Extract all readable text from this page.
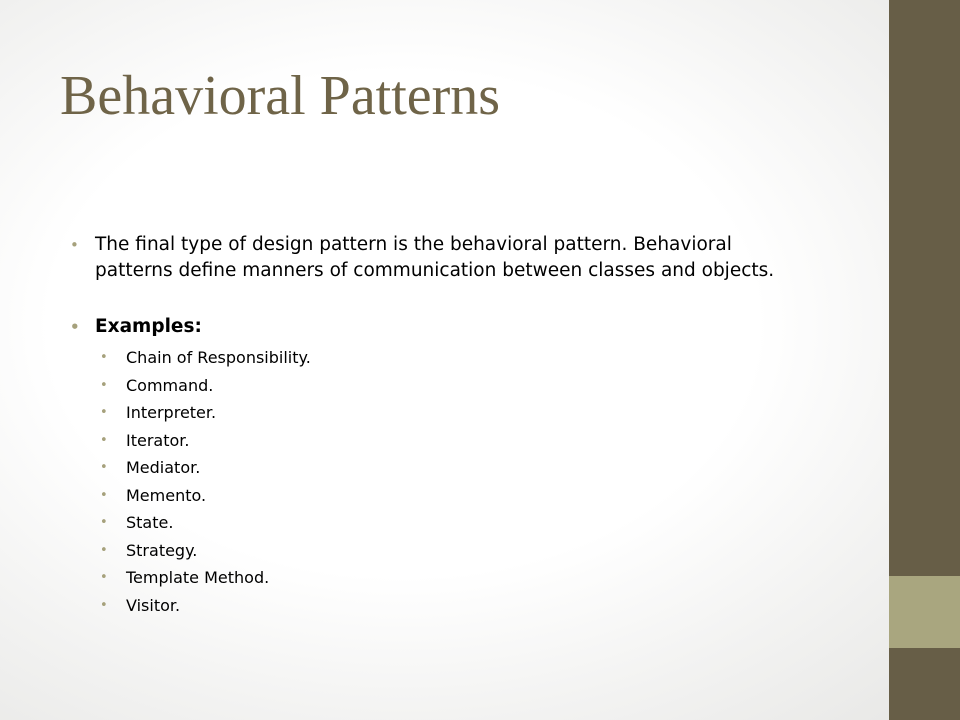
Behavioral Patterns
• The final type of design pattern is the behavioral pattern. Behavioral patterns define manners of communication between classes and objects.
• Examples:
• Chain of Responsibility.
• Command.
• Interpreter.
• Iterator.
• Mediator.
• Memento.
• State.
• Strategy.
• Template Method.
• Visitor.
